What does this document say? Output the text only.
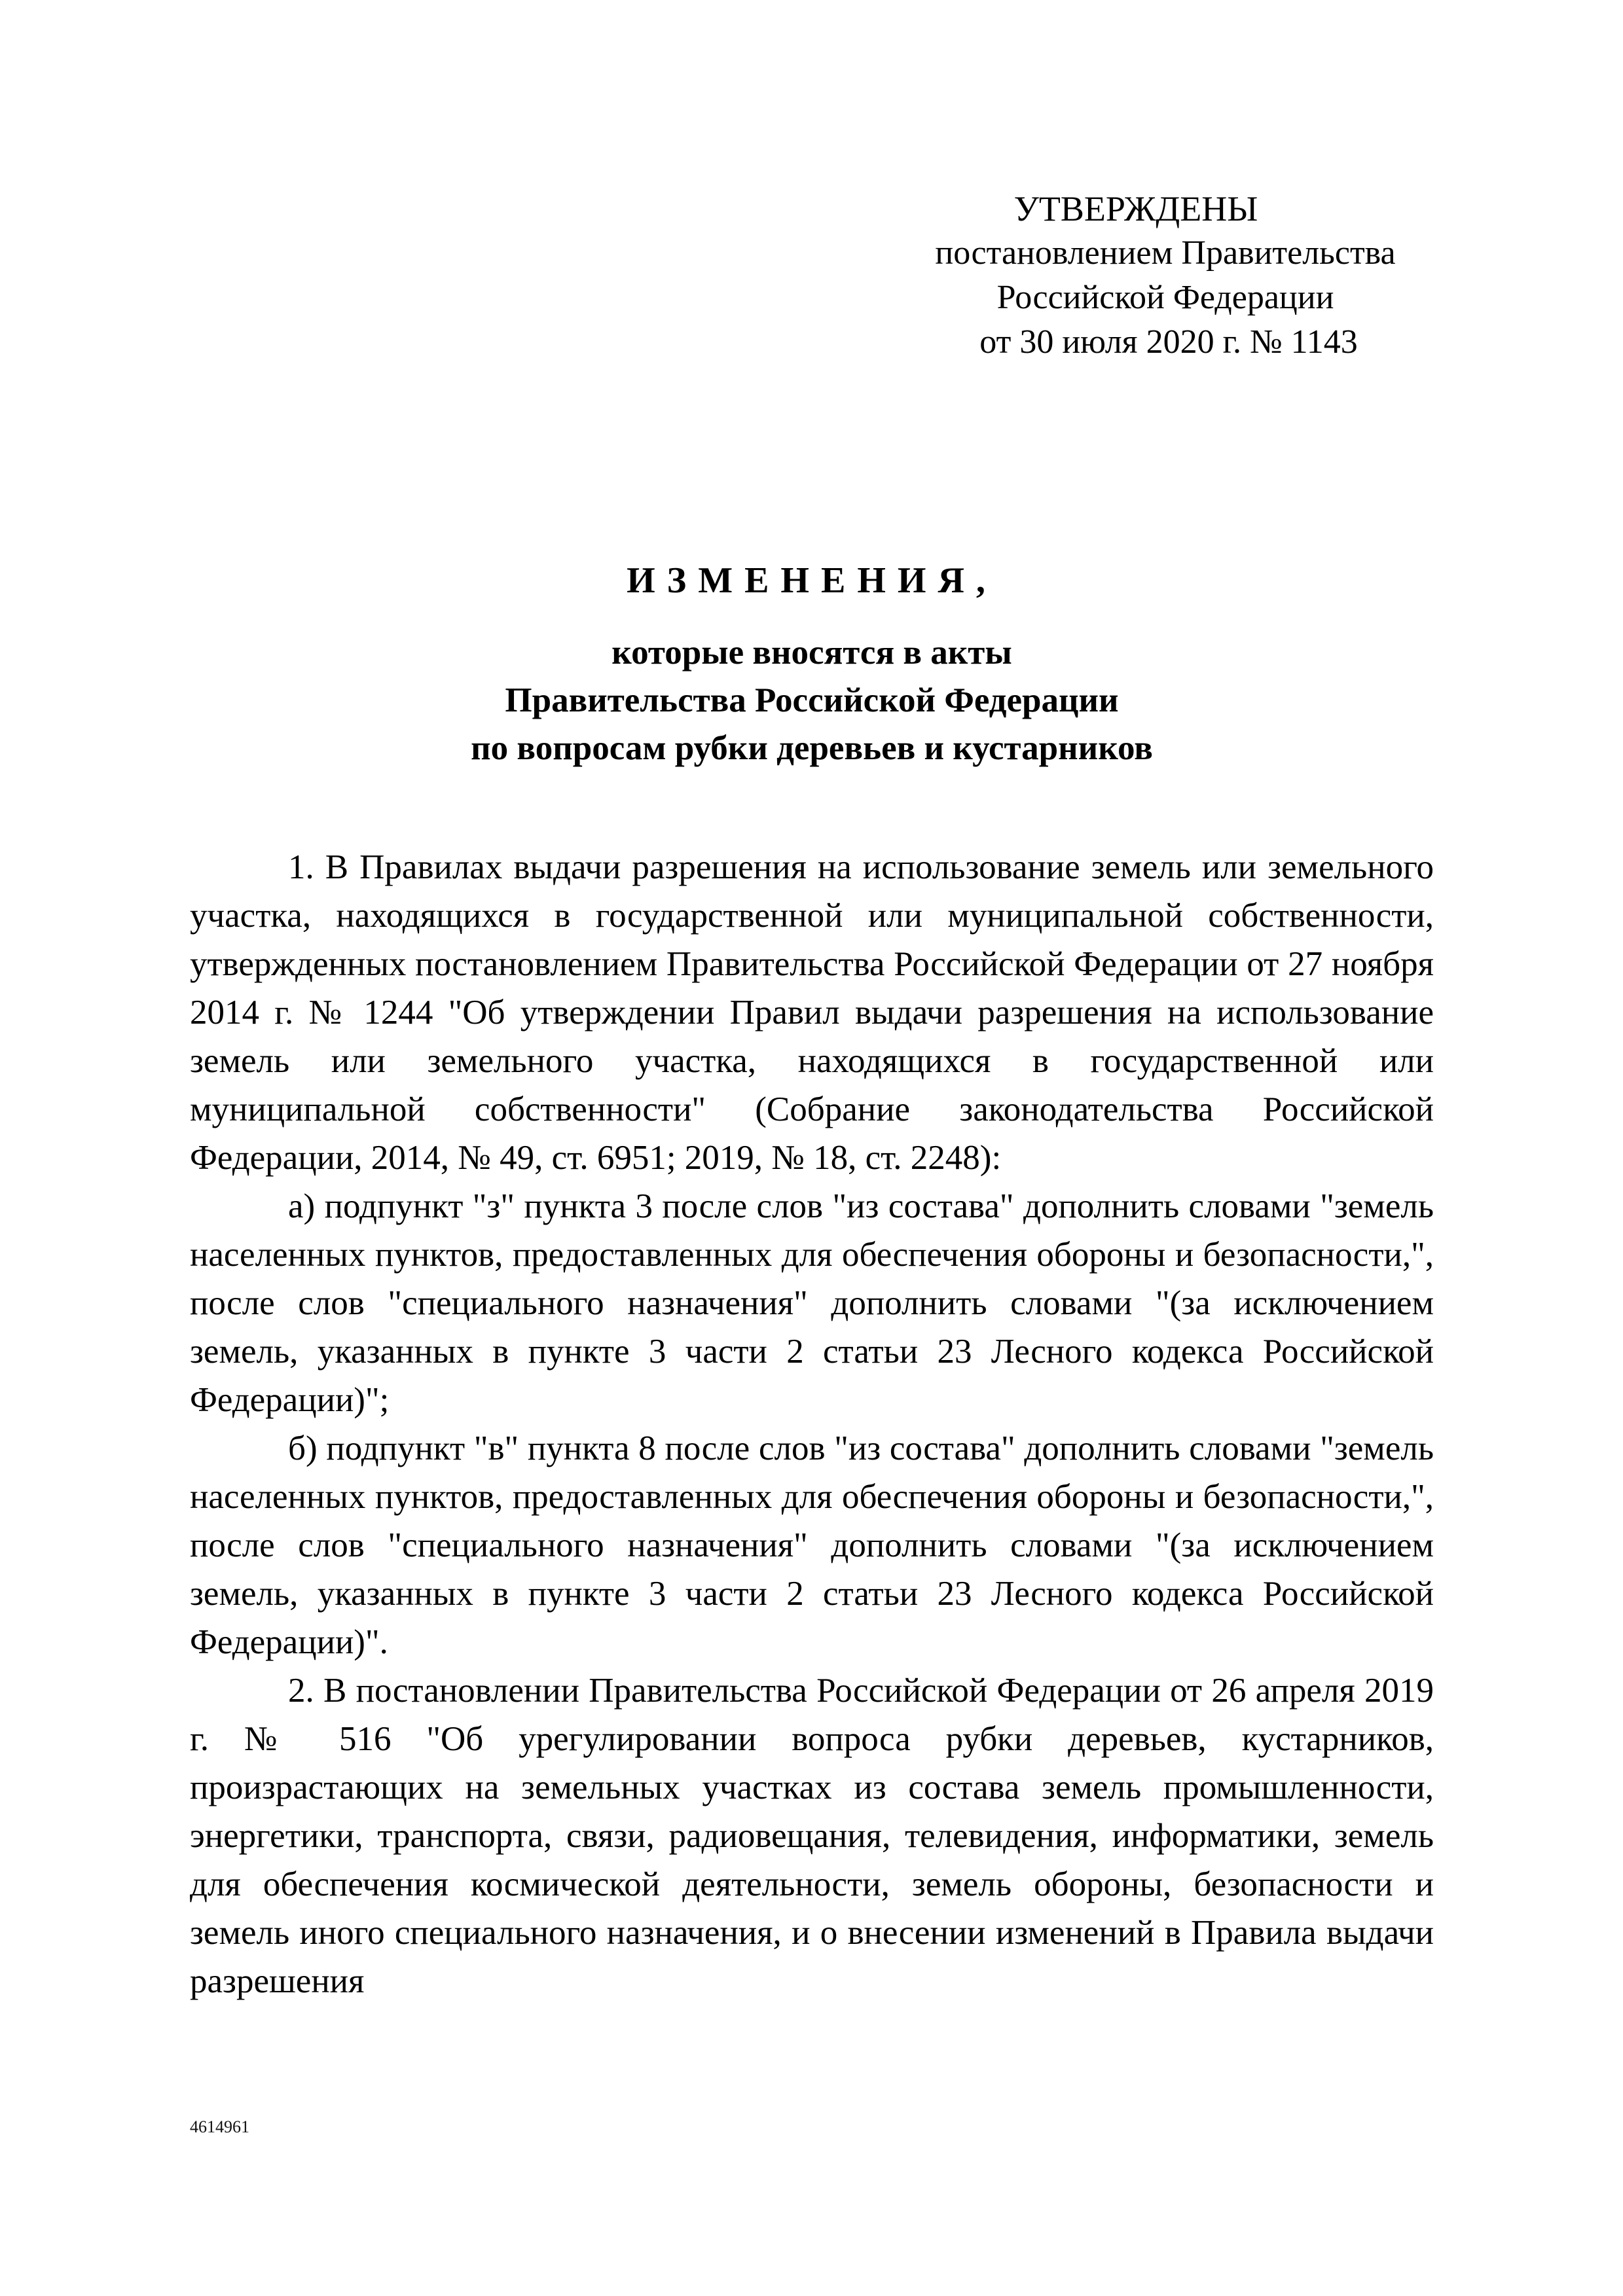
УТВЕРЖДЕНЫ
постановлением Правительства
Российской Федерации
от 30 июля 2020 г. № 1143
ИЗМЕНЕНИЯ,
которые вносятся в акты
Правительства Российской Федерации
по вопросам рубки деревьев и кустарников

1. В Правилах выдачи разрешения на использование земель или земельного участка, находящихся в государственной или муниципальной собственности, утвержденных постановлением Правительства Российской Федерации от 27 ноября 2014 г. № 1244 "Об утверждении Правил выдачи разрешения на использование земель или земельного участка, находящихся в государственной или муниципальной собственности" (Собрание законодательства Российской Федерации, 2014, № 49, ст. 6951; 2019, № 18, ст. 2248):

а) подпункт "з" пункта 3 после слов "из состава" дополнить словами "земель населенных пунктов, предоставленных для обеспечения обороны и безопасности,", после слов "специального назначения" дополнить словами "(за исключением земель, указанных в пункте 3 части 2 статьи 23 Лесного кодекса Российской Федерации)";

б) подпункт "в" пункта 8 после слов "из состава" дополнить словами "земель населенных пунктов, предоставленных для обеспечения обороны и безопасности,", после слов "специального назначения" дополнить словами "(за исключением земель, указанных в пункте 3 части 2 статьи 23 Лесного кодекса Российской Федерации)".

2. В постановлении Правительства Российской Федерации от 26 апреля 2019 г. № 516 "Об урегулировании вопроса рубки деревьев, кустарников, произрастающих на земельных участках из состава земель промышленности, энергетики, транспорта, связи, радиовещания, телевидения, информатики, земель для обеспечения космической деятельности, земель обороны, безопасности и земель иного специального назначения, и о внесении изменений в Правила выдачи разрешения

4614961
